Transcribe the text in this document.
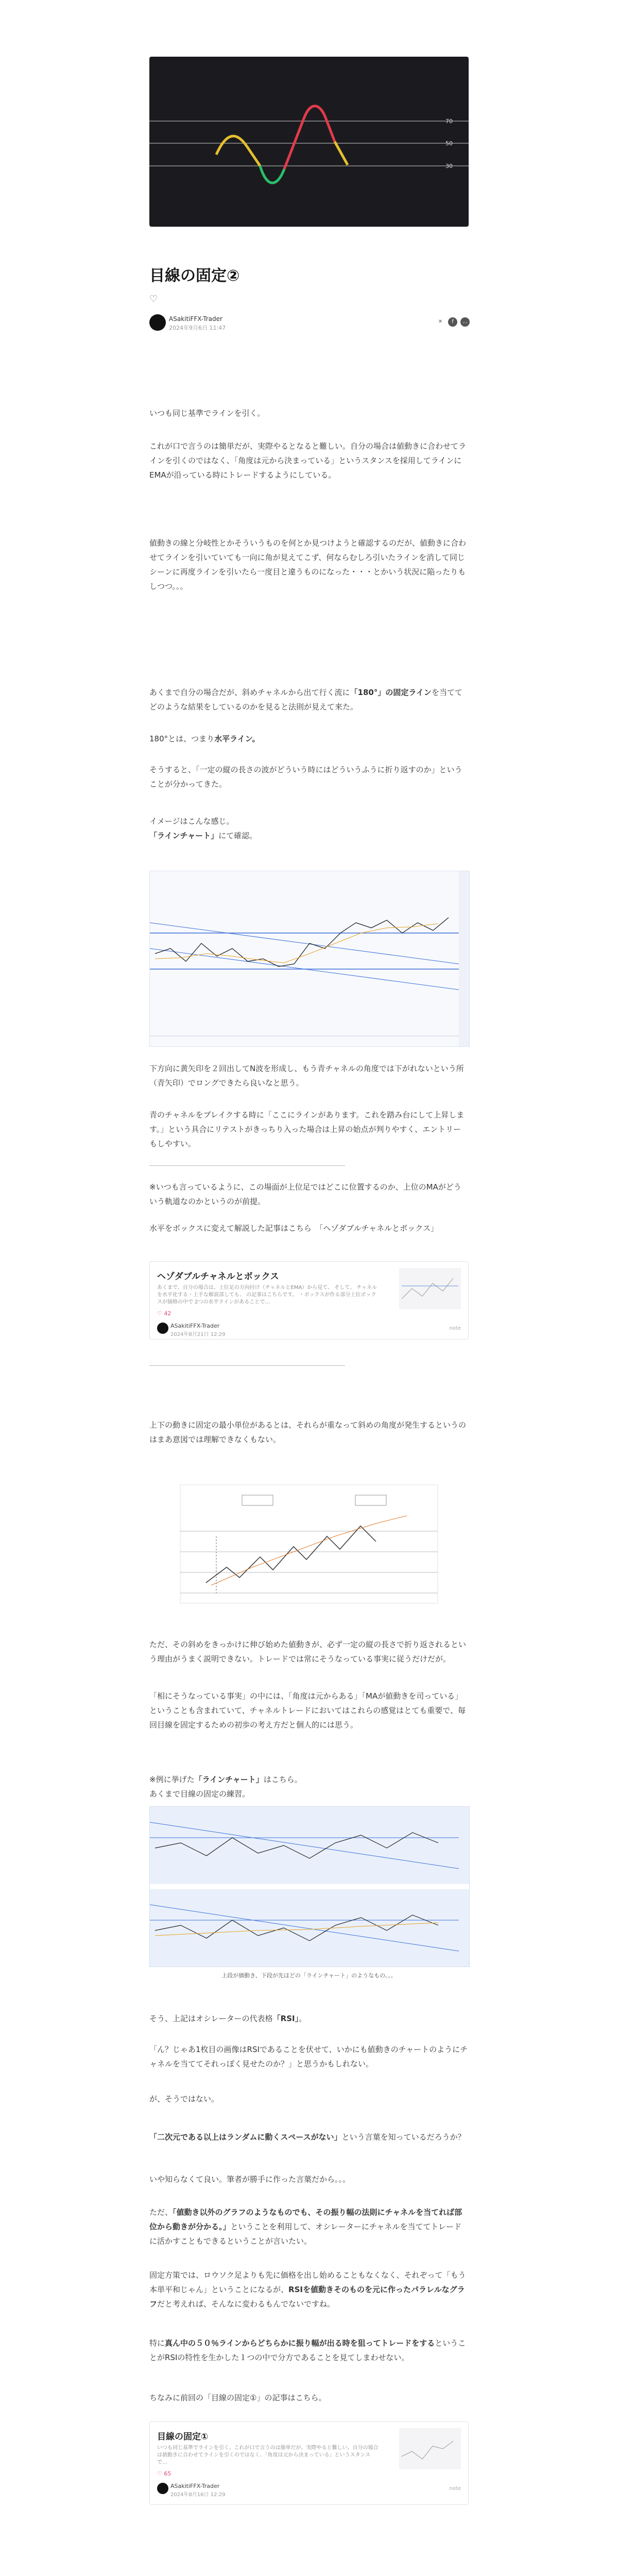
70
50
30
目線の固定②
♡
ASakitiFFX-Trader
2024年9月6日 11:47
✕	f	…

いつも同じ基準でラインを引く。

これが口で言うのは簡単だが、実際やるとなると難しい。自分の場合は値動きに合わせてラインを引くのではなく、「角度は元から決まっている」というスタンスを採用してラインにEMAが沿っている時にトレードするようにしている。

値動きの線と分岐性とかそういうものを何とか見つけようと確認するのだが、値動きに合わせてラインを引いていても一向に角が見えてこず、何ならむしろ引いたラインを消して同じシーンに再度ラインを引いたら一度目と違うものになった・・・とかいう状況に陥ったりもしつつ。。。

あくまで自分の場合だが、斜めチャネルから出て行く流に「180°」の固定ラインを当ててどのような結果をしているのかを見ると法則が見えて来た。

180°とは、つまり水平ライン。

そうすると、「一定の縦の長さの波がどういう時にはどういうふうに折り返すのか」ということが分かってきた。

イメージはこんな感じ。
「ラインチャート」にて確認。

下方向に黄矢印を２回出してN波を形成し、もう青チャネルの角度では下がれないという所（青矢印）でロングできたら良いなと思う。

青のチャネルをブレイクする時に「ここにラインがあります。これを踏み台にして上昇します。」という具合にリテストがきっちり入った場合は上昇の始点が判りやすく、エントリーもしやすい。

※いつも言っているように、この場面が上位足ではどこに位置するのか、上位のMAがどういう軌道なのかというのが前提。

水平をボックスに変えて解説した記事はこちら　「ヘゾダブルチャネルとボックス」

ヘゾダブルチャネルとボックス
あくまで、自分の場合は、上位足の方向付け（チャネルとEMA）から見て、 そして、 チャネルを水平化する・上手な解説部しても、 の記事はこちらです。 ・ボックスが作る部分上位ボックスが価格の中で 2つの水平ラインがあることで…
♡ 42
ASakitiFFX-Trader
2024年8月21日 12:29
note

上下の動きに固定の最小単位があるとは、それらが重なって斜めの角度が発生するというのはまあ意図では理解できなくもない。

ただ、その斜めをきっかけに伸び始めた値動きが、必ず一定の縦の長さで折り返されるという理由がうまく説明できない。トレードでは常にそうなっている事実に従うだけだが。

「相にそうなっている事実」の中には、「角度は元からある」「MAが値動きを司っている」ということも含まれていて、チャネルトレードにおいてはこれらの感覚はとても重要で、毎回目線を固定するための初歩の考え方だと個人的には思う。

※例に挙げた「ラインチャート」はこちら。
あくまで目線の固定の練習。

上段が価動き、下段が先ほどの「ラインチャート」のようなもの。。。

そう、上記はオシレーターの代表格「RSI」。

「ん？じゃあ1枚目の画像はRSIであることを伏せて、いかにも値動きのチャートのようにチャネルを当ててそれっぽく見せたのか？」と思うかもしれない。

が、そうではない。

「二次元である以上はランダムに動くスペースがない」という言葉を知っているだろうか？

いや知らなくて良い。筆者が勝手に作った言葉だから。。。

ただ、「値動き以外のグラフのようなものでも、その振り幅の法則にチャネルを当てれば部位から動きが分かる。」ということを利用して、オシレーターにチャネルを当ててトレードに活かすこともできるということが言いたい。

固定方策では、ロウソク足よりも先に価格を出し始めることもなくなく、それぞって「もう本単平和じゃん」ということになるが、RSIを値動きそのものを元に作ったパラレルなグラフだと考えれば、そんなに変わるもんでないですね。

特に真ん中の５０％ラインからどちらかに振り幅が出る時を狙ってトレードをするということがRSIの特性を生かした１つの中で分方であることを見てしまわせない。

ちなみに前回の「目線の固定①」の記事はこちら。

目線の固定①
いつも同じ基準でラインを引く。これが口で言うのは簡単だが、実際やると難しい。自分の場合は値動きに合わせてラインを引くのではなく、「角度は元から決まっている」というスタンスで…
♡ 65
ASakitiFFX-Trader
2024年8月16日 12:29
note
